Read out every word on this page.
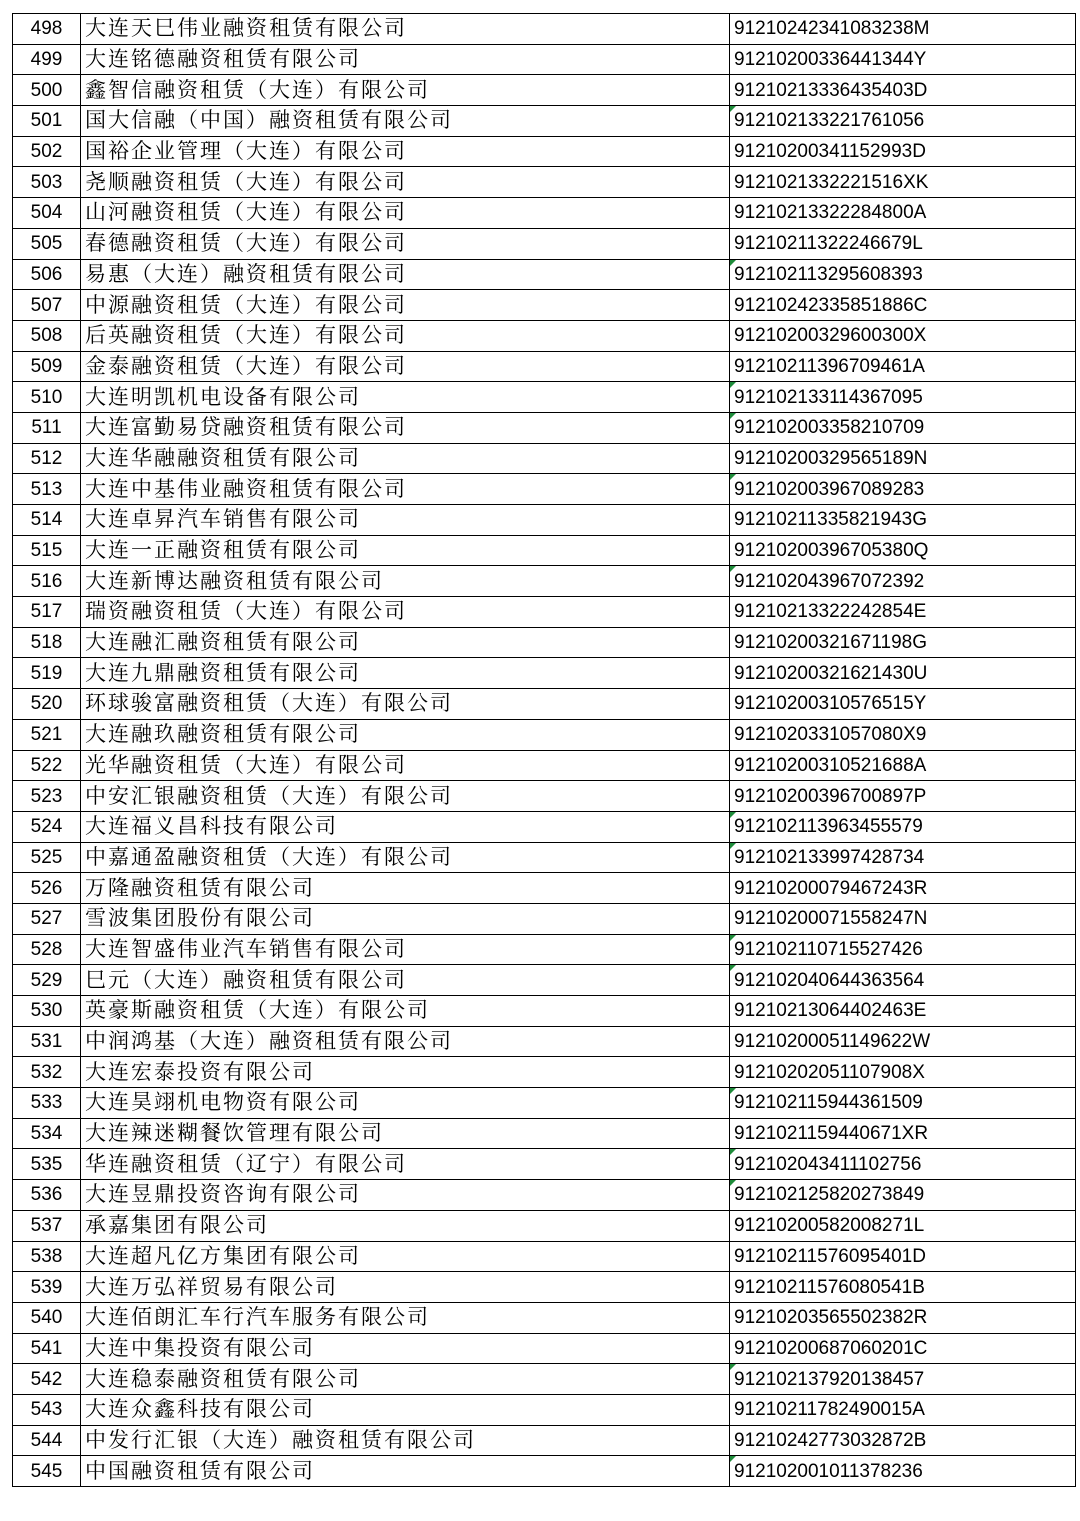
498	大连天巳伟业融资租赁有限公司	91210242341083238M
499	大连铭德融资租赁有限公司	91210200336441344Y
500	鑫智信融资租赁（大连）有限公司	91210213336435403D
501	国大信融（中国）融资租赁有限公司	912102133221761056

502	国裕企业管理（大连）有限公司	91210200341152993D
503	尧顺融资租赁（大连）有限公司	9121021332221516XK
504	山河融资租赁（大连）有限公司	91210213322284800A
505	春德融资租赁（大连）有限公司	91210211322246679L
506	易惠（大连）融资租赁有限公司	912102113295608393

507	中源融资租赁（大连）有限公司	91210242335851886C
508	后英融资租赁（大连）有限公司	91210200329600300X
509	金泰融资租赁（大连）有限公司	91210211396709461A
510	大连明凯机电设备有限公司	912102133114367095

511	大连富勤易贷融资租赁有限公司	912102003358210709

512	大连华融融资租赁有限公司	91210200329565189N
513	大连中基伟业融资租赁有限公司	912102003967089283

514	大连卓昇汽车销售有限公司	91210211335821943G
515	大连一正融资租赁有限公司	91210200396705380Q
516	大连新博达融资租赁有限公司	912102043967072392

517	瑞资融资租赁（大连）有限公司	91210213322242854E
518	大连融汇融资租赁有限公司	91210200321671198G
519	大连九鼎融资租赁有限公司	91210200321621430U
520	环球骏富融资租赁（大连）有限公司	91210200310576515Y
521	大连融玖融资租赁有限公司	9121020331057080X9
522	光华融资租赁（大连）有限公司	91210200310521688A
523	中安汇银融资租赁（大连）有限公司	91210200396700897P
524	大连福义昌科技有限公司	912102113963455579

525	中嘉通盈融资租赁（大连）有限公司	912102133997428734

526	万隆融资租赁有限公司	91210200079467243R
527	雪波集团股份有限公司	91210200071558247N
528	大连智盛伟业汽车销售有限公司	912102110715527426

529	巳元（大连）融资租赁有限公司	912102040644363564

530	英豪斯融资租赁（大连）有限公司	91210213064402463E
531	中润鸿基（大连）融资租赁有限公司	91210200051149622W
532	大连宏泰投资有限公司	91210202051107908X
533	大连昊翊机电物资有限公司	912102115944361509

534	大连辣迷糊餐饮管理有限公司	9121021159440671XR
535	华连融资租赁（辽宁）有限公司	912102043411102756

536	大连昱鼎投资咨询有限公司	912102125820273849

537	承嘉集团有限公司	91210200582008271L
538	大连超凡亿方集团有限公司	91210211576095401D
539	大连万弘祥贸易有限公司	91210211576080541B
540	大连佰朗汇车行汽车服务有限公司	91210203565502382R
541	大连中集投资有限公司	91210200687060201C
542	大连稳泰融资租赁有限公司	912102137920138457

543	大连众鑫科技有限公司	91210211782490015A
544	中发行汇银（大连）融资租赁有限公司	91210242773032872B
545	中国融资租赁有限公司	912102001011378236
